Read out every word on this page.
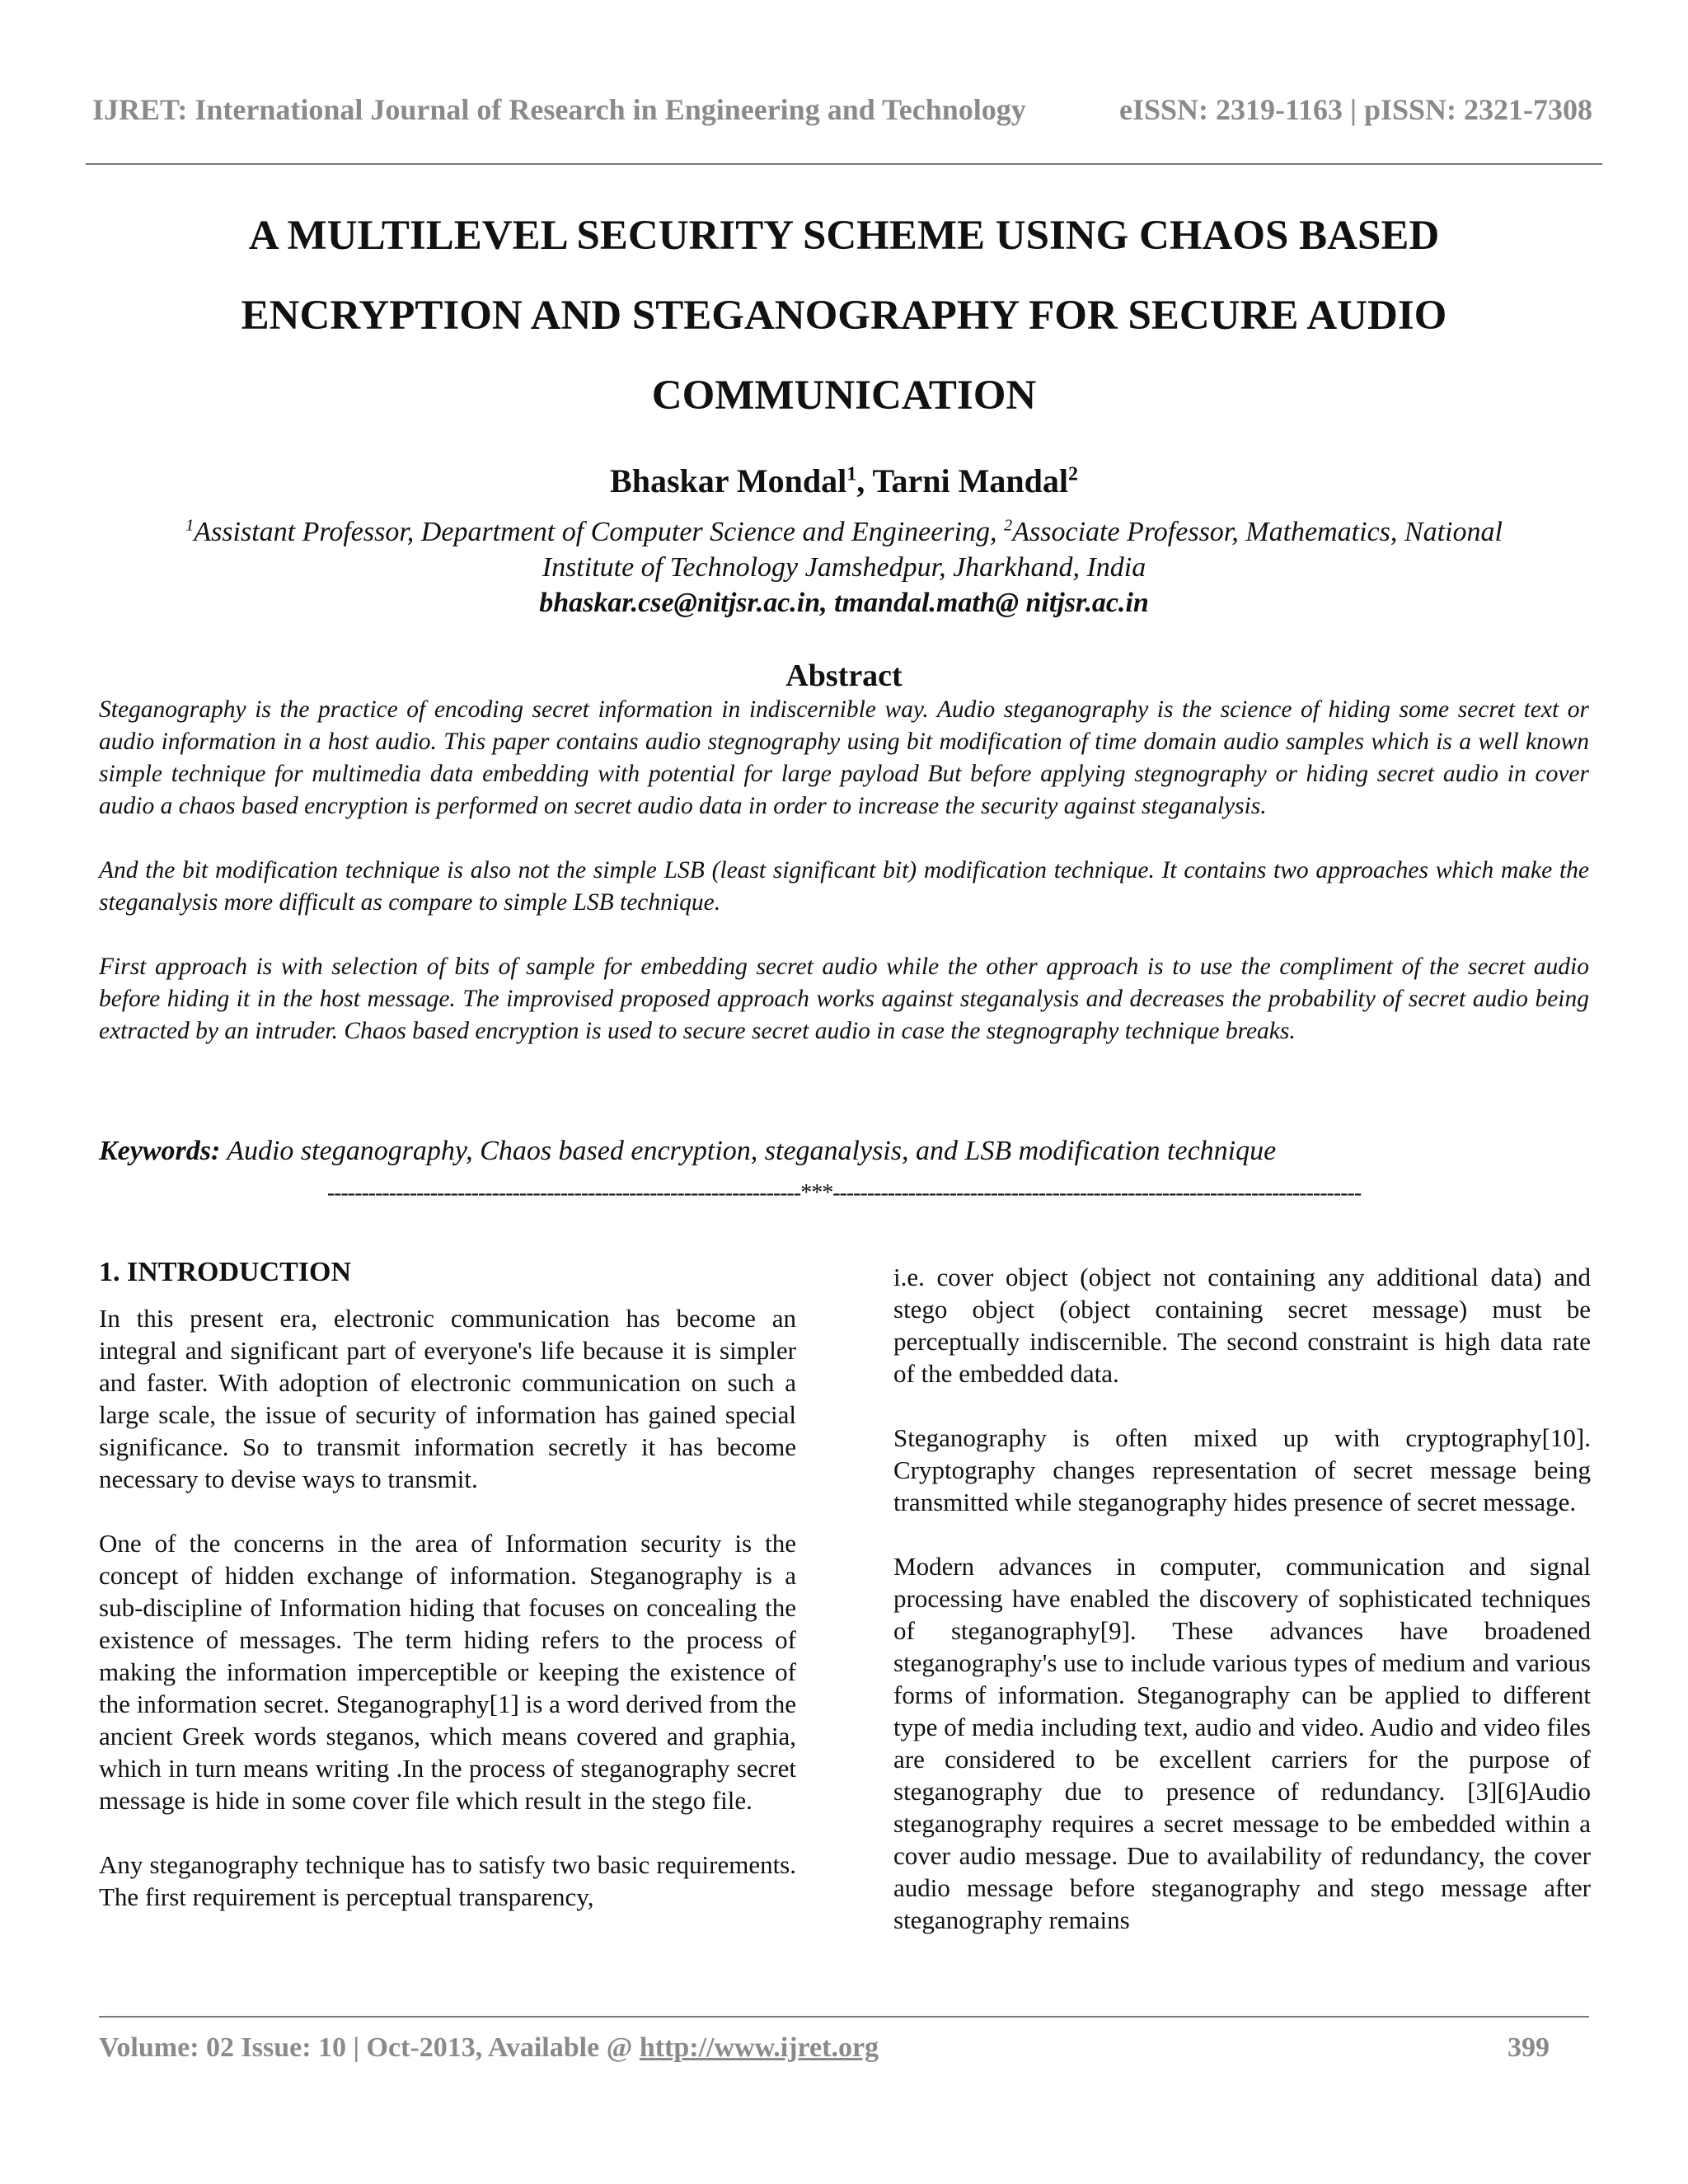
IJRET: International Journal of Research in Engineering and Technology	eISSN: 2319-1163 | pISSN: 2321-7308
A MULTILEVEL SECURITY SCHEME USING CHAOS BASED
ENCRYPTION AND STEGANOGRAPHY FOR SECURE AUDIO
COMMUNICATION
Bhaskar Mondal$^1$, Tarni Mandal$^2$
$^1$Assistant Professor, Department of Computer Science and Engineering, $^2$Associate Professor, Mathematics, National
Institute of Technology Jamshedpur, Jharkhand, India
bhaskar.cse@nitjsr.ac.in, tmandal.math@ nitjsr.ac.in
Abstract

Steganography is the practice of encoding secret information in indiscernible way. Audio steganography is the science of hiding some secret text or audio information in a host audio. This paper contains audio stegnography using bit modification of time domain audio samples which is a well known simple technique for multimedia data embedding with potential for large payload But before applying stegnography or hiding secret audio in cover audio a chaos based encryption is performed on secret audio data in order to increase the security against steganalysis.

And the bit modification technique is also not the simple LSB (least significant bit) modification technique. It contains two approaches which make the steganalysis more difficult as compare to simple LSB technique.

First approach is with selection of bits of sample for embedding secret audio while the other approach is to use the compliment of the secret audio before hiding it in the host message. The improvised proposed approach works against steganalysis and decreases the probability of secret audio being extracted by an intruder. Chaos based encryption is used to secure secret audio in case the stegnography technique breaks.

Keywords: Audio steganography, Chaos based encryption, steganalysis, and LSB modification technique
---------------------------------------------------------------------***-----------------------------------------------------------------------------
1. INTRODUCTION

In this present era, electronic communication has become an integral and significant part of everyone's life because it is simpler and faster. With adoption of electronic communication on such a large scale, the issue of security of information has gained special significance. So to transmit information secretly it has become necessary to devise ways to transmit.

One of the concerns in the area of Information security is the concept of hidden exchange of information. Steganography is a sub-discipline of Information hiding that focuses on concealing the existence of messages. The term hiding refers to the process of making the information imperceptible or keeping the existence of the information secret. Steganography[1] is a word derived from the ancient Greek words steganos, which means covered and graphia, which in turn means writing .In the process of steganography secret message is hide in some cover file which result in the stego file.

Any steganography technique has to satisfy two basic requirements. The first requirement is perceptual transparency,

i.e. cover object (object not containing any additional data) and stego object (object containing secret message) must be perceptually indiscernible. The second constraint is high data rate of the embedded data.

Steganography is often mixed up with cryptography[10]. Cryptography changes representation of secret message being transmitted while steganography hides presence of secret message.

Modern advances in computer, communication and signal processing have enabled the discovery of sophisticated techniques of steganography[9]. These advances have broadened steganography's use to include various types of medium and various forms of information. Steganography can be applied to different type of media including text, audio and video. Audio and video files are considered to be excellent carriers for the purpose of steganography due to presence of redundancy. [3][6]Audio steganography requires a secret message to be embedded within a cover audio message. Due to availability of redundancy, the cover audio message before steganography and stego message after steganography remains

Volume: 02 Issue: 10 | Oct-2013, Available @ http://www.ijret.org	399
